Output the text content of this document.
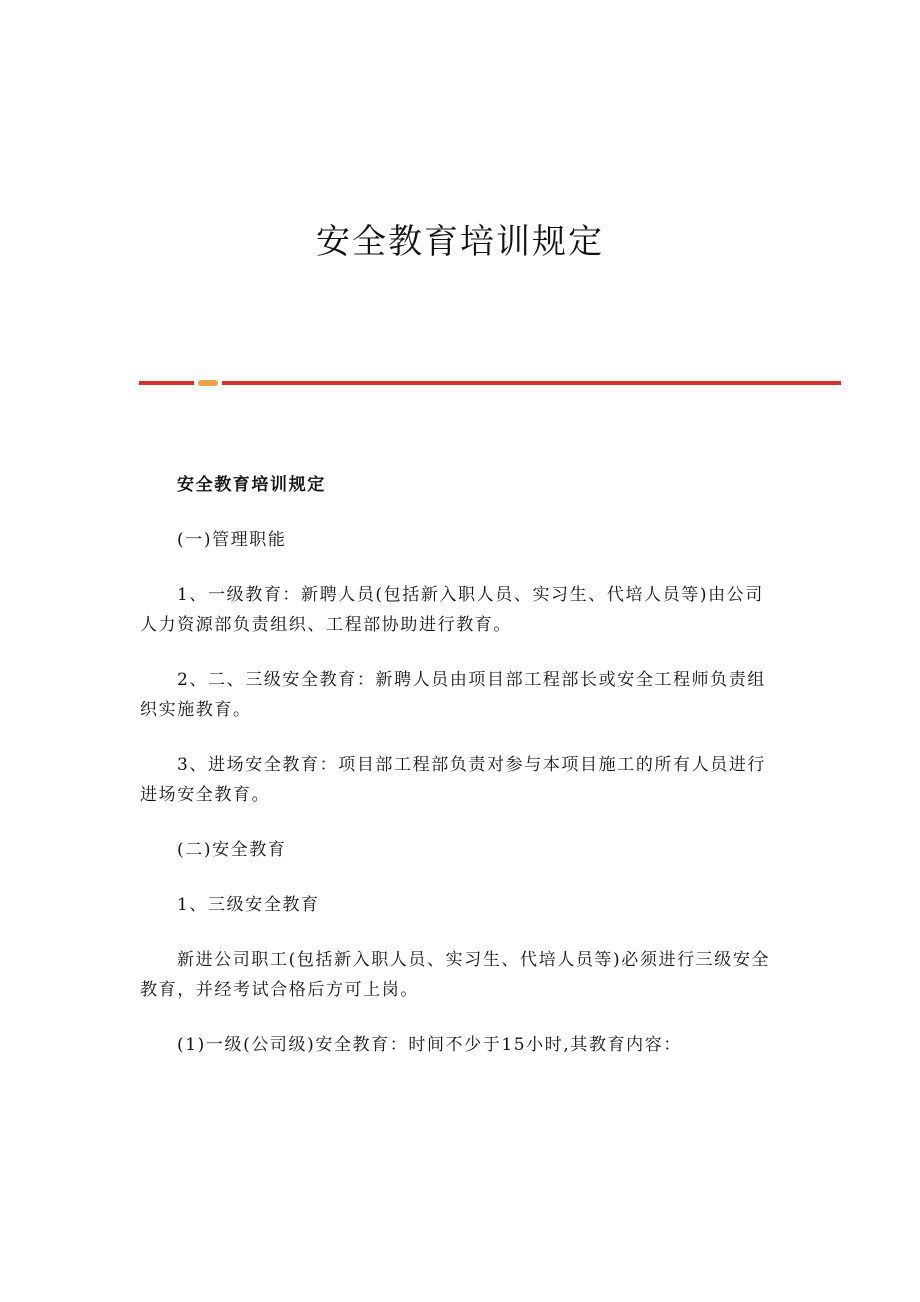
安全教育培训规定

安全教育培训规定

(一)管理职能

1、一级教育：新聘人员(包括新入职人员、实习生、代培人员等)由公司人力资源部负责组织、工程部协助进行教育。

2、二、三级安全教育：新聘人员由项目部工程部长或安全工程师负责组织实施教育。

3、进场安全教育：项目部工程部负责对参与本项目施工的所有人员进行进场安全教育。

(二)安全教育

1、三级安全教育

新进公司职工(包括新入职人员、实习生、代培人员等)必须进行三级安全教育，并经考试合格后方可上岗。

(1)一级(公司级)安全教育：时间不少于15小时,其教育内容：
